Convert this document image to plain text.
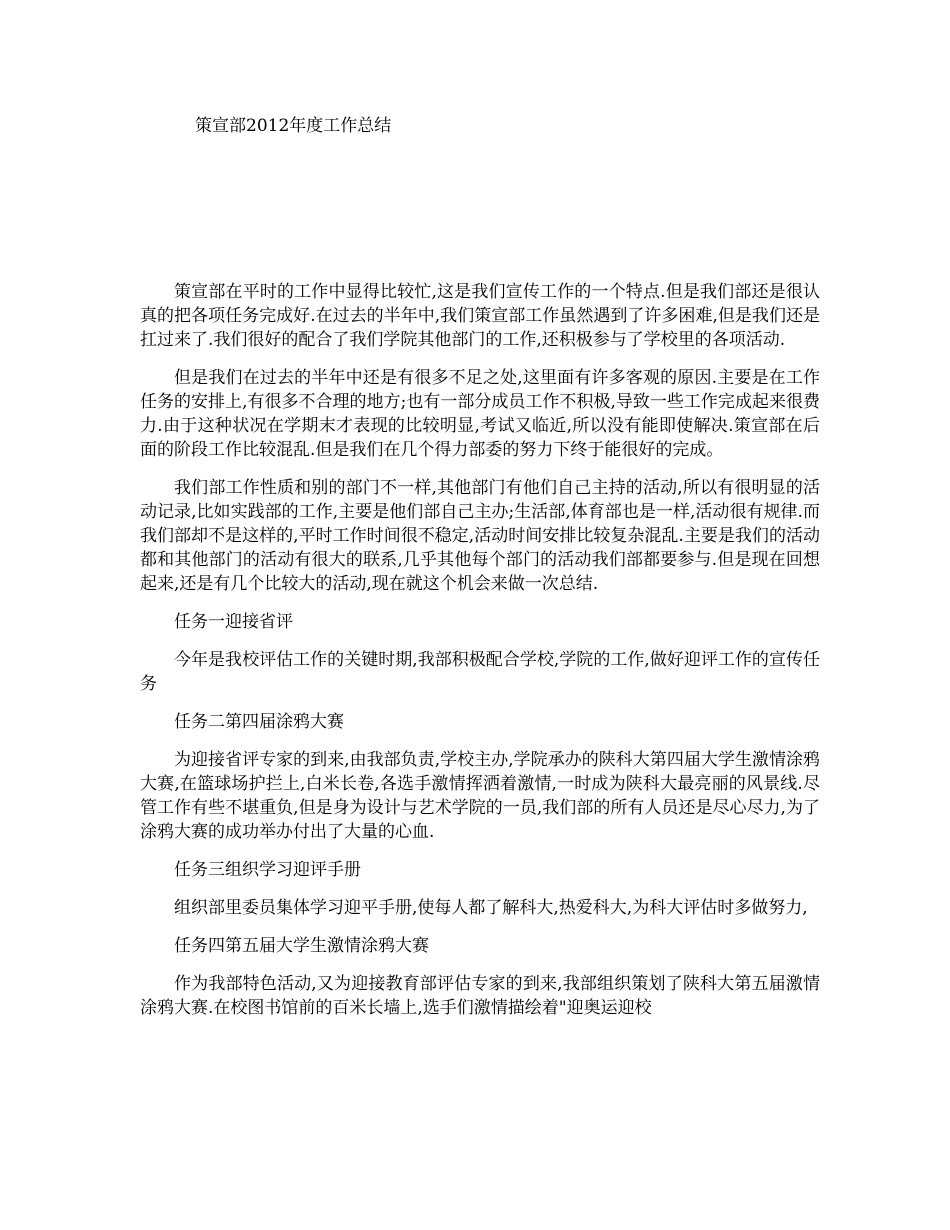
策宣部2012年度工作总结

策宣部在平时的工作中显得比较忙,这是我们宣传工作的一个特点.但是我们部还是很认真的把各项任务完成好.在过去的半年中,我们策宣部工作虽然遇到了许多困难,但是我们还是扛过来了.我们很好的配合了我们学院其他部门的工作,还积极参与了学校里的各项活动.

但是我们在过去的半年中还是有很多不足之处,这里面有许多客观的原因.主要是在工作任务的安排上,有很多不合理的地方;也有一部分成员工作不积极,导致一些工作完成起来很费力.由于这种状况在学期末才表现的比较明显,考试又临近,所以没有能即使解决.策宣部在后面的阶段工作比较混乱.但是我们在几个得力部委的努力下终于能很好的完成。

我们部工作性质和别的部门不一样,其他部门有他们自己主持的活动,所以有很明显的活动记录,比如实践部的工作,主要是他们部自己主办;生活部,体育部也是一样,活动很有规律.而我们部却不是这样的,平时工作时间很不稳定,活动时间安排比较复杂混乱.主要是我们的活动都和其他部门的活动有很大的联系,几乎其他每个部门的活动我们部都要参与.但是现在回想起来,还是有几个比较大的活动,现在就这个机会来做一次总结.

任务一迎接省评

今年是我校评估工作的关键时期,我部积极配合学校,学院的工作,做好迎评工作的宣传任务

任务二第四届涂鸦大赛

为迎接省评专家的到来,由我部负责,学校主办,学院承办的陕科大第四届大学生激情涂鸦大赛,在篮球场护拦上,白米长卷,各选手激情挥洒着激情,一时成为陕科大最亮丽的风景线.尽管工作有些不堪重负,但是身为设计与艺术学院的一员,我们部的所有人员还是尽心尽力,为了涂鸦大赛的成功举办付出了大量的心血.

任务三组织学习迎评手册

组织部里委员集体学习迎平手册,使每人都了解科大,热爱科大,为科大评估时多做努力,

任务四第五届大学生激情涂鸦大赛

作为我部特色活动,又为迎接教育部评估专家的到来,我部组织策划了陕科大第五届激情涂鸦大赛.在校图书馆前的百米长墙上,选手们激情描绘着"迎奥运迎校
